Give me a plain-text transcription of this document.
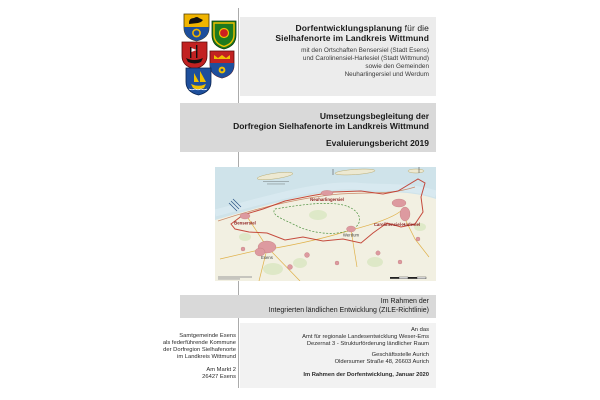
Dorfentwicklungsplanung für die
Sielhafenorte im Landkreis Wittmund
mit den Ortschaften Bensersiel (Stadt Esens)
und Carolinensiel-Harlesiel (Stadt Wittmund)
sowie den Gemeinden
Neuharlingersiel und Werdum
Umsetzungsbegleitung der
Dorfregion Sielhafenorte im Landkreis Wittmund
Evaluierungsbericht 2019
Bensersiel
Neuharlingersiel
Carolinensiel-Harlesiel
Werdum
Esens
Im Rahmen der
Integrierten ländlichen Entwicklung (ZILE-Richtlinie)
Samtgemeinde Esens
als federführende Kommune
der Dorfregion Sielhafenorte
im Landkreis Wittmund
Am Markt 2
26427 Esens
An das
Amt für regionale Landesentwicklung Weser-Ems
Dezernat 3 - Strukturförderung ländlicher Raum
Geschäftsstelle Aurich
Oldersumer Straße 48, 26603 Aurich
Im Rahmen der Dorfentwicklung, Januar 2020
